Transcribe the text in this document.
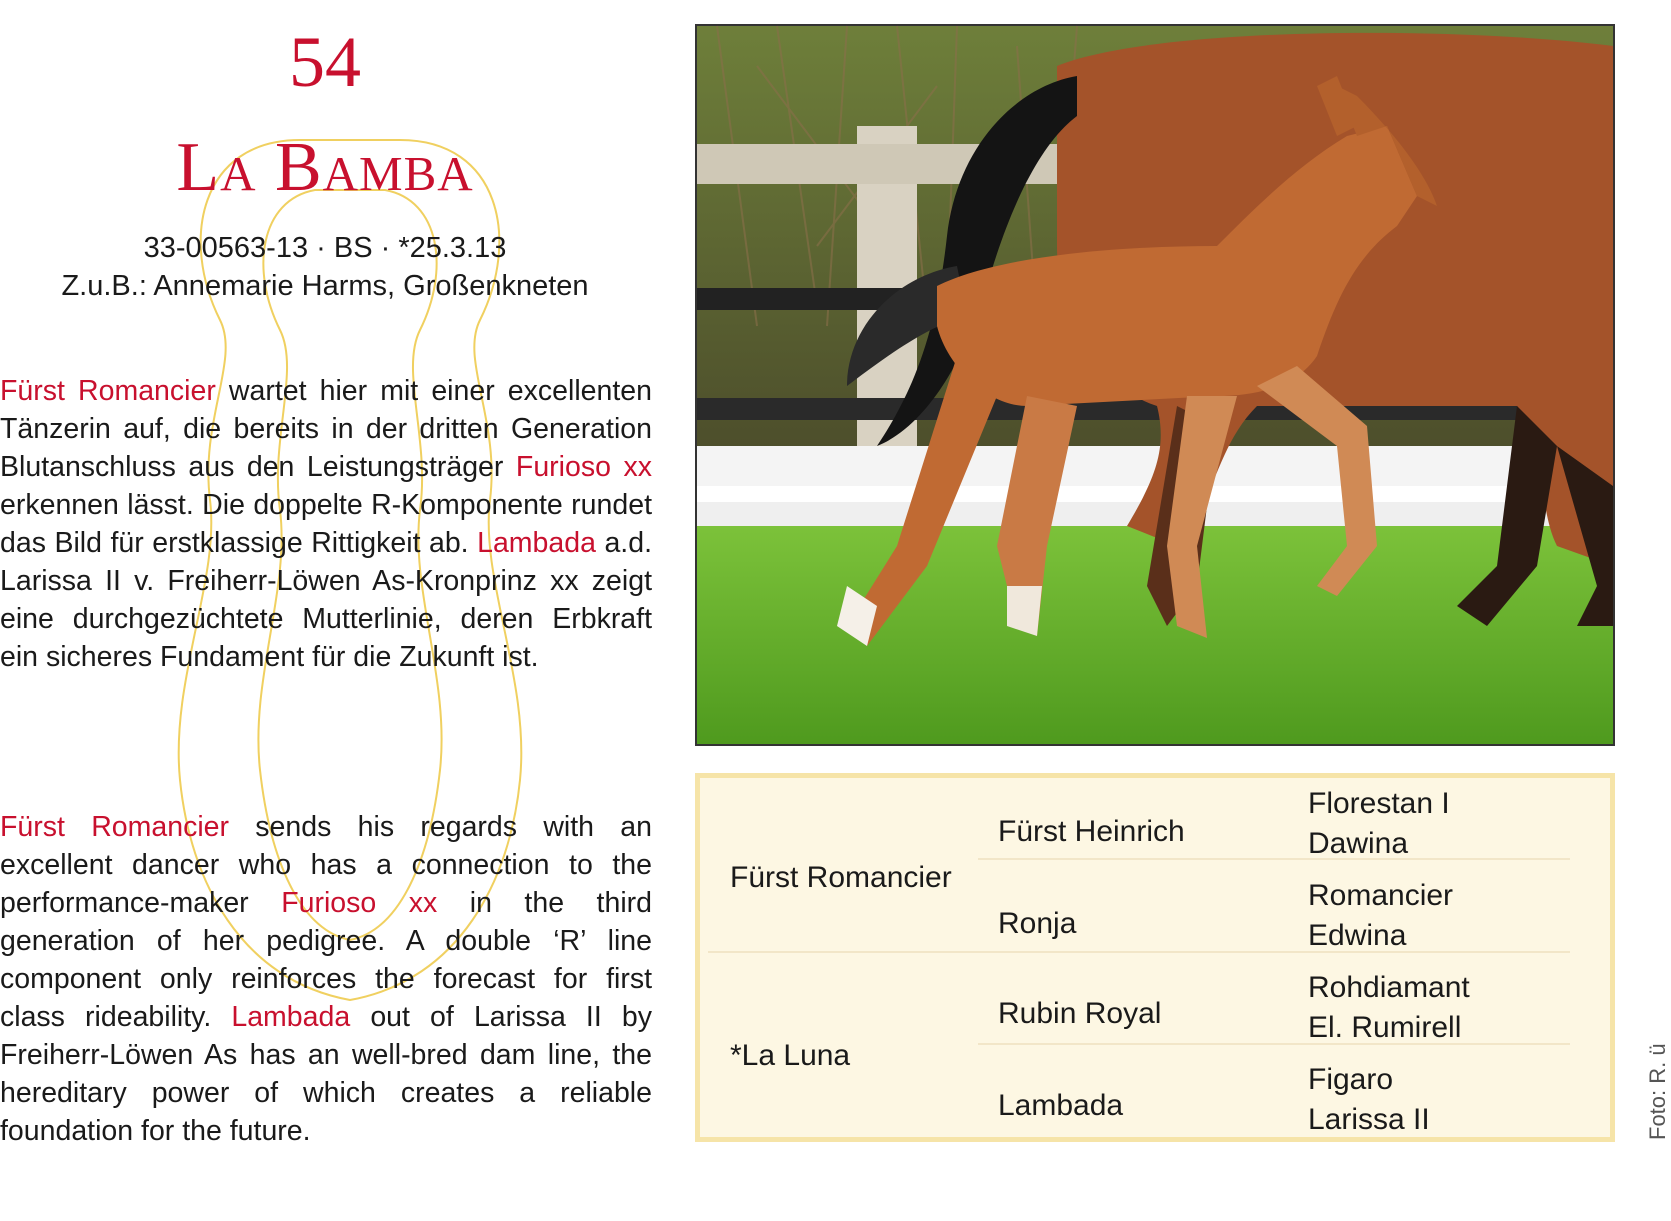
54
La Bamba
33-00563-13 · BS · *25.3.13
Z.u.B.: Annemarie Harms, Großenkneten

Fürst Romancier wartet hier mit einer excellenten Tänzerin auf, die bereits in der dritten Generation Blutanschluss aus den Leistungsträger Furioso xx erkennen lässt. Die doppelte R-Komponente rundet das Bild für erstklassige Rittigkeit ab. Lambada a.d. Larissa II v. Freiherr-Löwen As-Kronprinz xx zeigt eine durchgezüchtete Mutterlinie, deren Erbkraft ein sicheres Fundament für die Zukunft ist.

Fürst Romancier sends his regards with an excellent dancer who has a connection to the performance-maker Furioso xx in the third generation of her pedigree. A double ‘R’ line component only reinforces the forecast for first class rideability. Lambada out of Larissa II by Freiherr-Löwen As has an well-bred dam line, the hereditary power of which creates a reliable foundation for the future.

Fürst Romancier
*La Luna
Fürst Heinrich
Ronja
Rubin Royal
Lambada
Florestan I
Dawina
Romancier
Edwina
Rohdiamant
El. Rumirell
Figaro
Larissa II	Foto: R. ü
